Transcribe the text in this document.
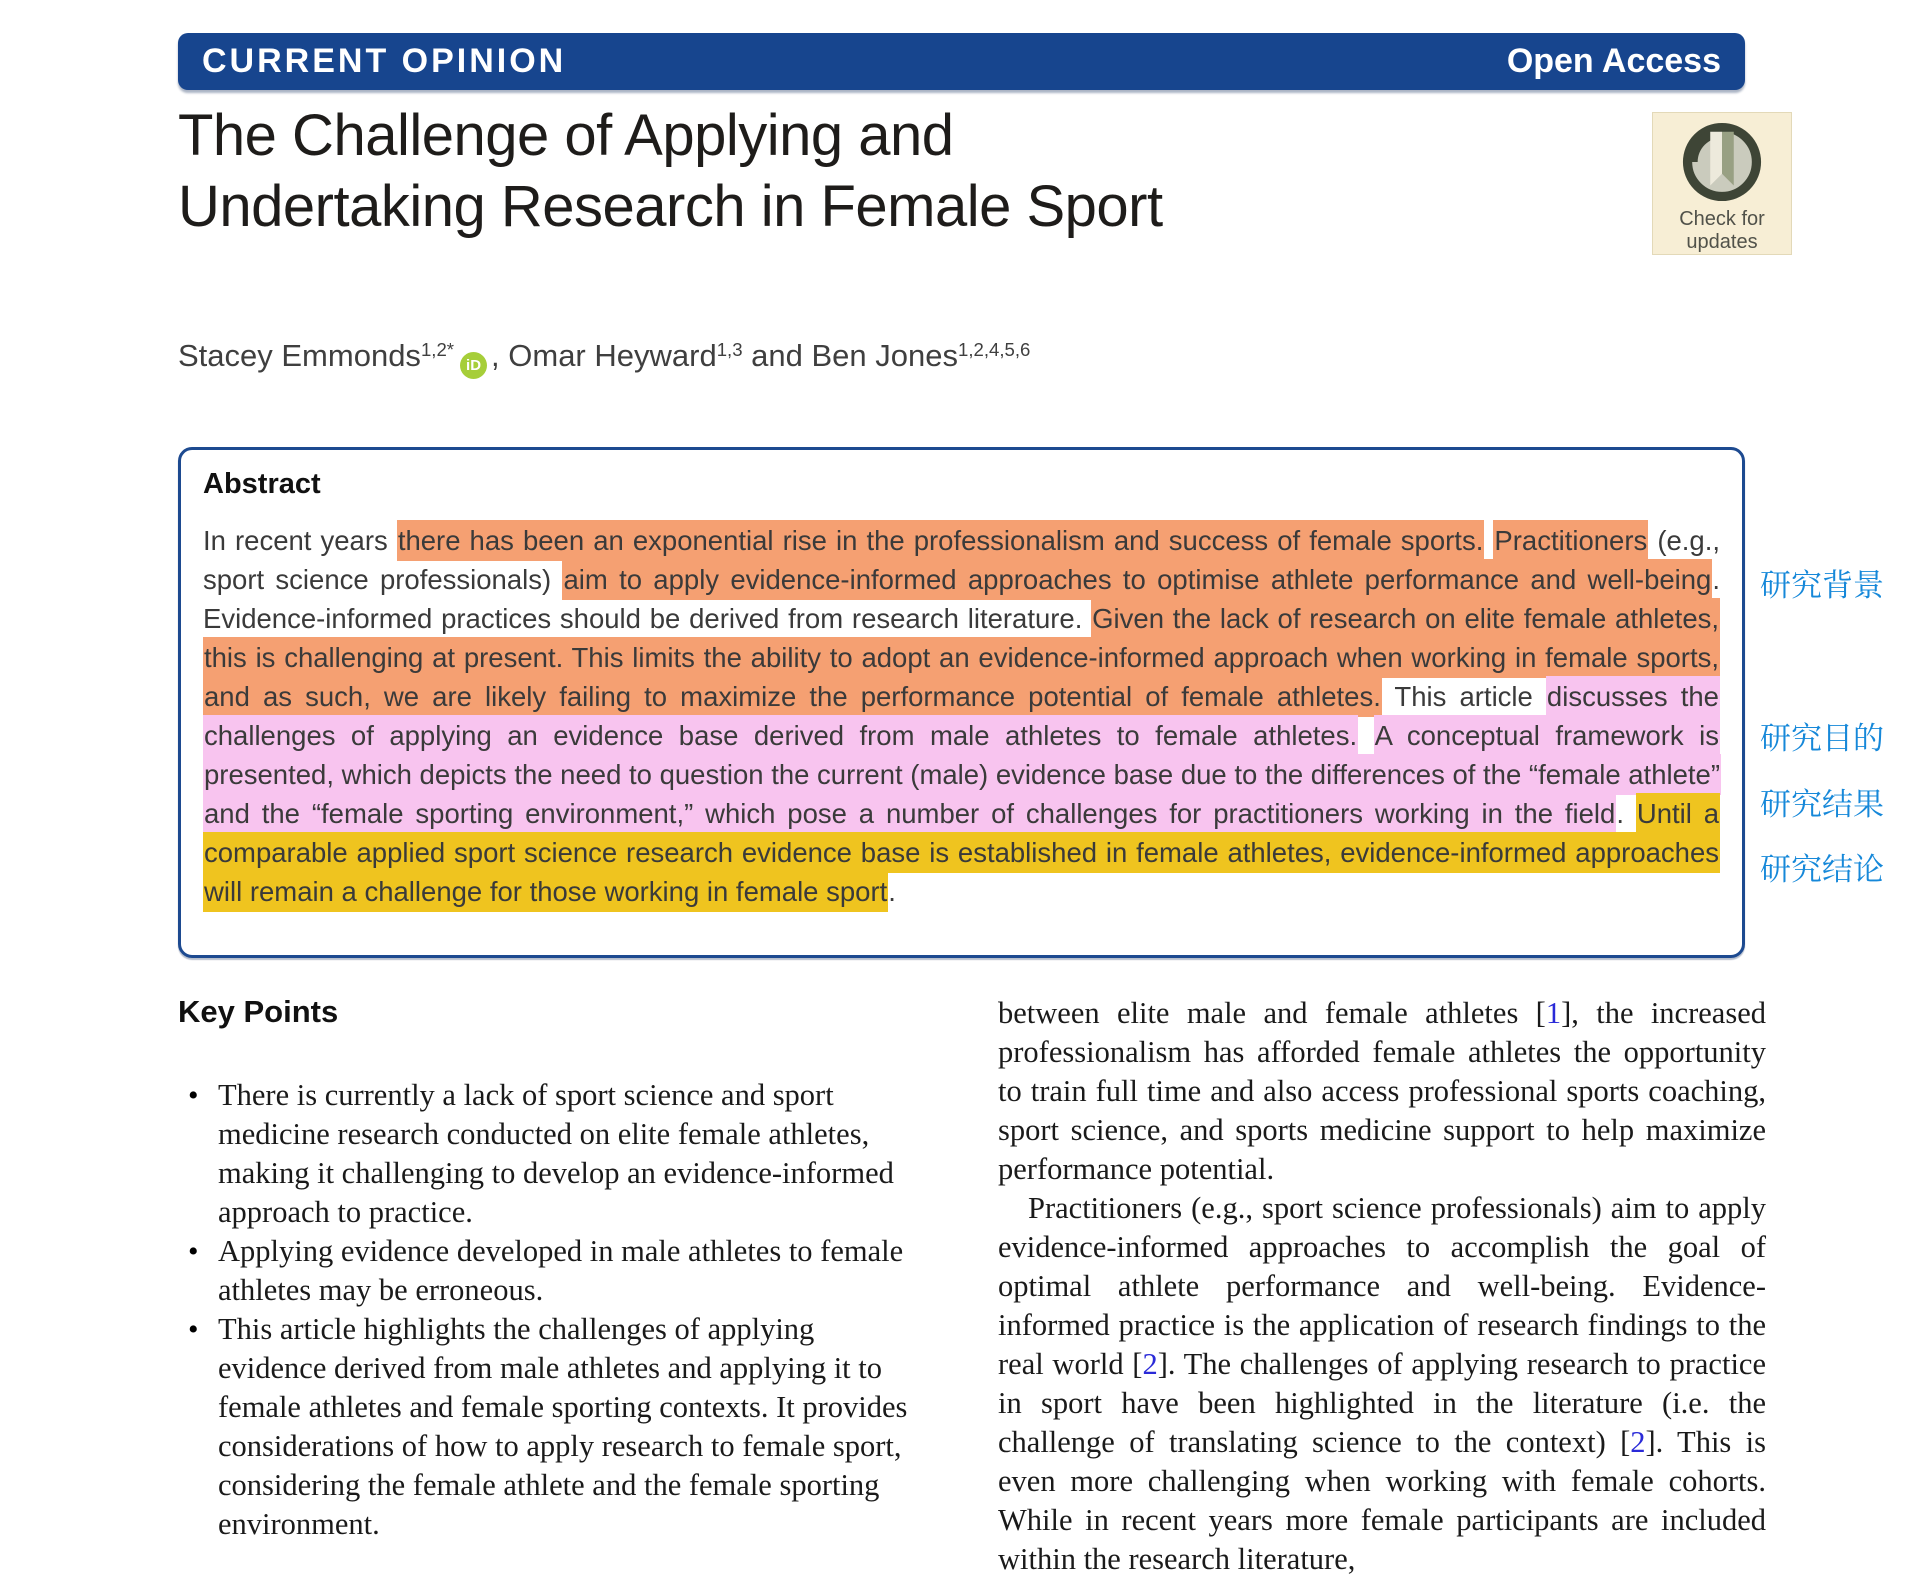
CURRENT OPINION	Open Access
The Challenge of Applying and
Undertaking Research in Female Sport	Check for
updates
Stacey Emmonds$^{1,2*}$iD , Omar Heyward$^{1,3}$ and Ben Jones$^{1,2,4,5,6}$
Abstract
In recent years there has been an exponential rise in the professionalism and success of female sports. Practitioners (e.g., sport science professionals) aim to apply evidence-informed approaches to optimise athlete performance and well-being. Evidence-informed practices should be derived from research literature. Given the lack of research on elite female athletes, this is challenging at present. This limits the ability to adopt an evidence-informed approach when working in female sports, and as such, we are likely failing to maximize the performance potential of female athletes. This article discusses the challenges of applying an evidence base derived from male athletes to female athletes. A conceptual framework is presented, which depicts the need to question the current (male) evidence base due to the differences of the “female athlete” and the “female sporting environment,” which pose a number of challenges for practitioners working in the field. Until a comparable applied sport science research evidence base is established in female athletes, evidence-informed approaches will remain a challenge for those working in female sport.
研究背景
研究目的
研究结果
研究结论
Key Points
• There is currently a lack of sport science and sport medicine research conducted on elite female athletes, making it challenging to develop an evidence-informed approach to practice.
• Applying evidence developed in male athletes to female athletes may be erroneous.
• This article highlights the challenges of applying evidence derived from male athletes and applying it to female athletes and female sporting contexts. It provides considerations of how to apply research to female sport, considering the female athlete and the female sporting environment.

between elite male and female athletes [1], the increased professionalism has afforded female athletes the opportunity to train full time and also access professional sports coaching, sport science, and sports medicine support to help maximize performance potential.

Practitioners (e.g., sport science professionals) aim to apply evidence-informed approaches to accomplish the goal of optimal athlete performance and well-being. Evidence-informed practice is the application of research findings to the real world [2]. The challenges of applying research to practice in sport have been highlighted in the literature (i.e. the challenge of translating science to the context) [2]. This is even more challenging when working with female cohorts. While in recent years more female participants are included within the research literature,
